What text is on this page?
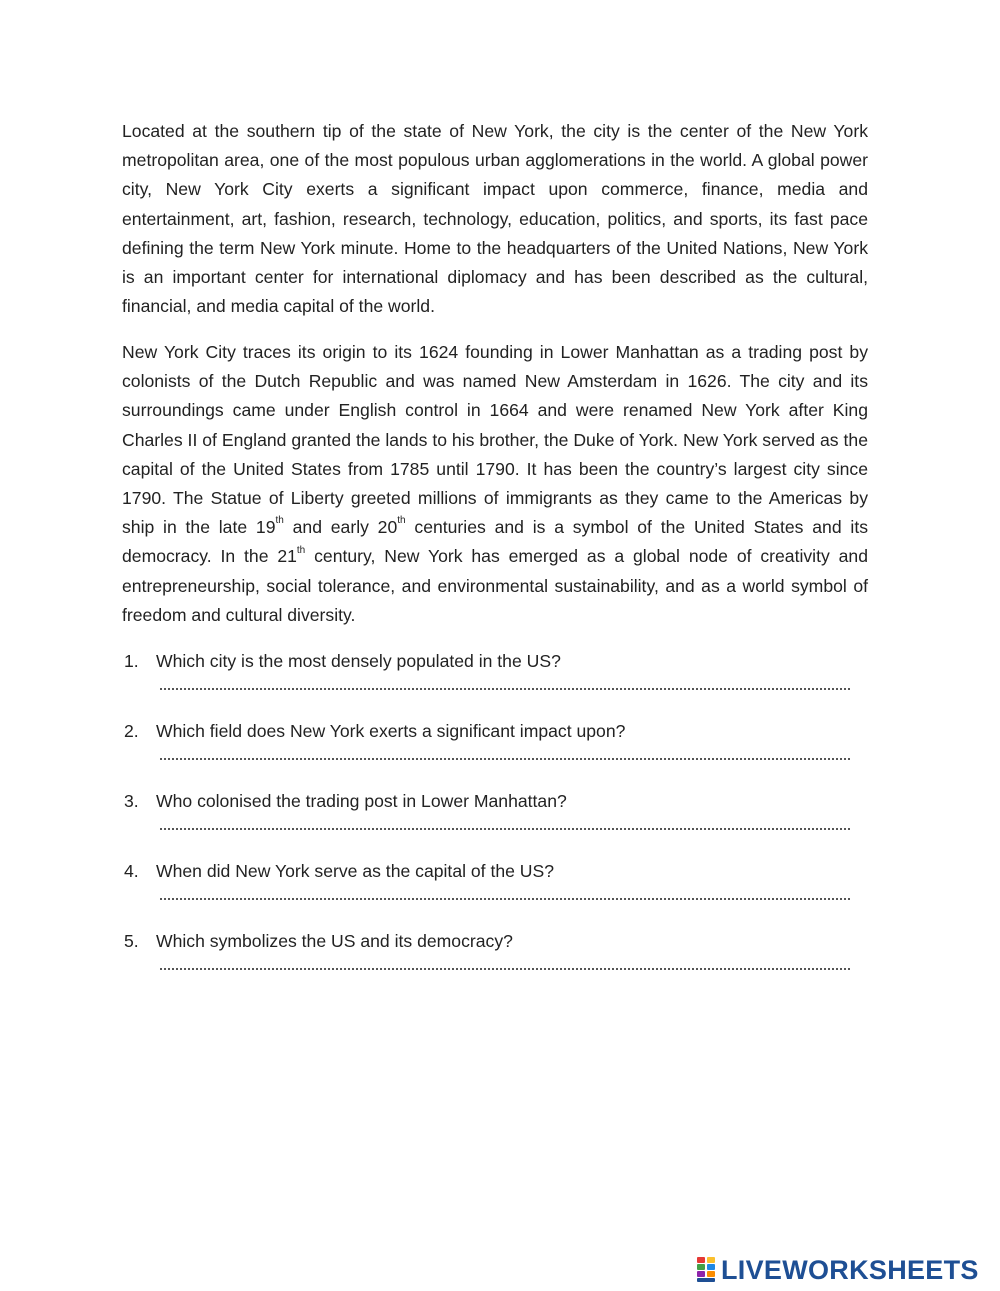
Located at the southern tip of the state of New York, the city is the center of the New York metropolitan area, one of the most populous urban agglomerations in the world. A global power city, New York City exerts a significant impact upon commerce, finance, media and entertainment, art, fashion, research, technology, education, politics, and sports, its fast pace defining the term New York minute. Home to the headquarters of the United Nations, New York is an important center for international diplomacy and has been described as the cultural, financial, and media capital of the world.

New York City traces its origin to its 1624 founding in Lower Manhattan as a trading post by colonists of the Dutch Republic and was named New Amsterdam in 1626. The city and its surroundings came under English control in 1664 and were renamed New York after King Charles II of England granted the lands to his brother, the Duke of York. New York served as the capital of the United States from 1785 until 1790. It has been the country’s largest city since 1790. The Statue of Liberty greeted millions of immigrants as they came to the Americas by ship in the late 19th and early 20th centuries and is a symbol of the United States and its democracy. In the 21th century, New York has emerged as a global node of creativity and entrepreneurship, social tolerance, and environmental sustainability, and as a world symbol of freedom and cultural diversity.

1. Which city is the most densely populated in the US?
2. Which field does New York exerts a significant impact upon?
3. Who colonised the trading post in Lower Manhattan?
4. When did New York serve as the capital of the US?
5. Which symbolizes the US and its democracy?
LIVEWORKSHEETS
